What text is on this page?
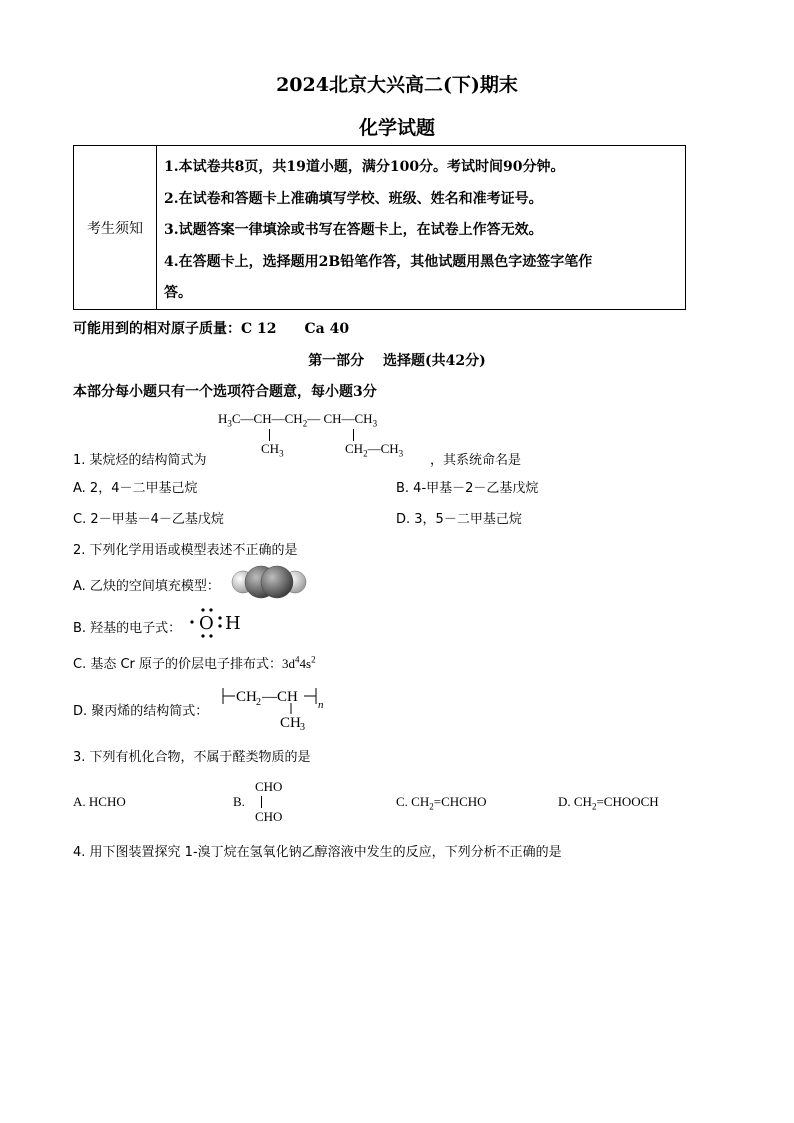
2024北京大兴高二(下)期末
化学试题
考生须知
1.本试卷共8页，共19道小题，满分100分。考试时间90分钟。
2.在试卷和答题卡上准确填写学校、班级、姓名和准考证号。
3.试题答案一律填涂或书写在答题卡上，在试卷上作答无效。
4.在答题卡上，选择题用2B铅笔作答，其他试题用黑色字迹签字笔作
答。
可能用到的相对原子质量：C 12　　Ca 40
第一部分　 选择题(共42分)
本部分每小题只有一个选项符合题意，每小题3分
$H_3C—CH—CH_2—$ $CH—CH_3$
$CH_3$	$CH_2—CH_3$
1. 某烷烃的结构简式为	，其系统命名是
A. 2，4－二甲基己烷	B. 4-甲基－2－乙基戊烷
C. 2－甲基－4－乙基戊烷	D. 3，5－二甲基己烷
2. 下列化学用语或模型表述不正确的是
A. 乙炔的空间填充模型：
B. 羟基的电子式： O H
C. 基态 Cr 原子的价层电子排布式：$3d^44s^2$
D. 聚丙烯的结构简式：
CH 2 —CH n
CH 3
3. 下列有机化合物，不属于醛类物质的是
A. HCHO	B.
CHO
CHO
C. $CH_2=CHCHO$	D. $CH_2=CHOOCH$
4. 用下图装置探究 1-溴丁烷在氢氧化钠乙醇溶液中发生的反应，下列分析不正确的是
